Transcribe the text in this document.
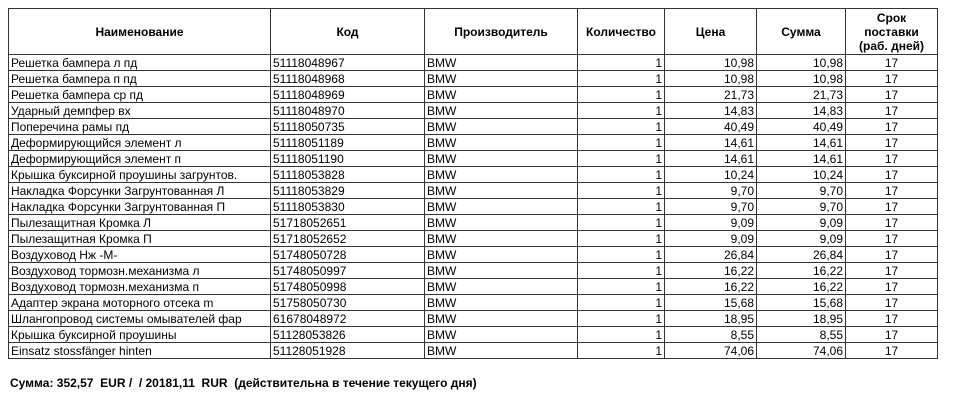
Наименование	Код	Производитель	Количество	Цена	Сумма	Срок
поставки
(раб. дней)
Решетка бампера л пд	51118048967	BMW	1	10,98	10,98	17
Решетка бампера п пд	51118048968	BMW	1	10,98	10,98	17
Решетка бампера ср пд	51118048969	BMW	1	21,73	21,73	17
Ударный демпфер вх	51118048970	BMW	1	14,83	14,83	17
Поперечина рамы пд	51118050735	BMW	1	40,49	40,49	17
Деформирующийся элемент л	51118051189	BMW	1	14,61	14,61	17
Деформирующийся элемент п	51118051190	BMW	1	14,61	14,61	17
Крышка буксирной проушины загрунтов.	51118053828	BMW	1	10,24	10,24	17
Накладка Форсунки Загрунтованная Л	51118053829	BMW	1	9,70	9,70	17
Накладка Форсунки Загрунтованная П	51118053830	BMW	1	9,70	9,70	17
Пылезащитная Кромка Л	51718052651	BMW	1	9,09	9,09	17
Пылезащитная Кромка П	51718052652	BMW	1	9,09	9,09	17
Воздуховод Нж -M-	51748050728	BMW	1	26,84	26,84	17
Воздуховод тормозн.механизма л	51748050997	BMW	1	16,22	16,22	17
Воздуховод тормозн.механизма п	51748050998	BMW	1	16,22	16,22	17
Адаптер экрана моторного отсека m	51758050730	BMW	1	15,68	15,68	17
Шлангопровод системы омывателей фар	61678048972	BMW	1	18,95	18,95	17
Крышка буксирной проушины	51128053826	BMW	1	8,55	8,55	17
Einsatz stossfänger hinten	51128051928	BMW	1	74,06	74,06	17
Сумма: 352,57  EUR /  / 20181,11  RUR  (действительна в течение текущего дня)
